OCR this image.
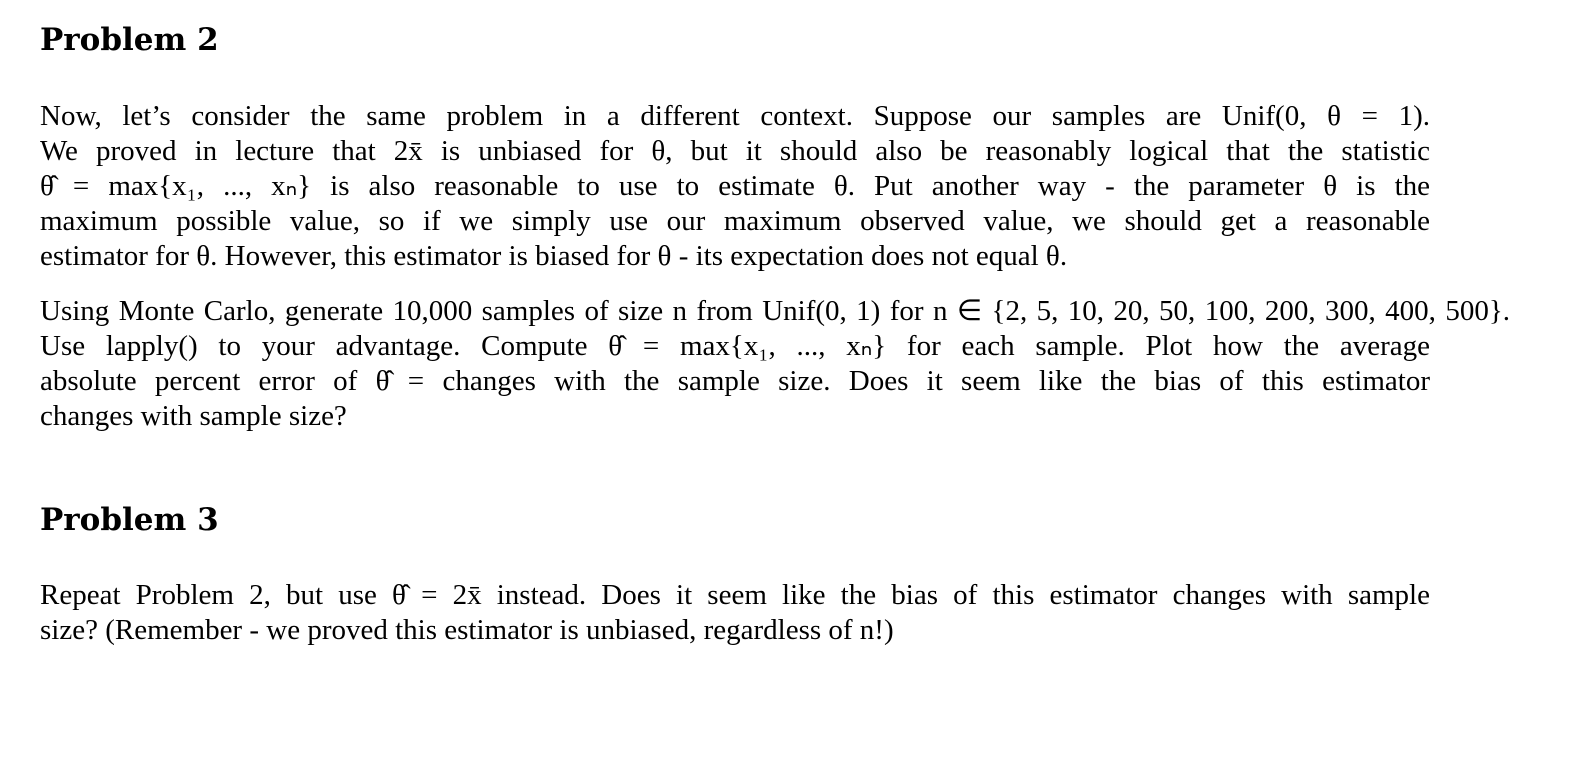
Problem 2
Now, let’s consider the same problem in a different context. Suppose our samples are Unif(0, θ = 1).
We proved in lecture that 2x̄ is unbiased for θ, but it should also be reasonably logical that the statistic
θ̂ = max{x₁, ..., xₙ} is also reasonable to use to estimate θ. Put another way - the parameter θ is the
maximum possible value, so if we simply use our maximum observed value, we should get a reasonable
estimator for θ. However, this estimator is biased for θ - its expectation does not equal θ.
Using Monte Carlo, generate 10,000 samples of size n from Unif(0, 1) for n ∈ {2, 5, 10, 20, 50, 100, 200, 300, 400, 500}.
Use lapply() to your advantage. Compute θ̂ = max{x₁, ..., xₙ} for each sample. Plot how the average
absolute percent error of θ̂ = changes with the sample size. Does it seem like the bias of this estimator
changes with sample size?
Problem 3
Repeat Problem 2, but use θ̂ = 2x̄ instead. Does it seem like the bias of this estimator changes with sample
size? (Remember - we proved this estimator is unbiased, regardless of n!)
